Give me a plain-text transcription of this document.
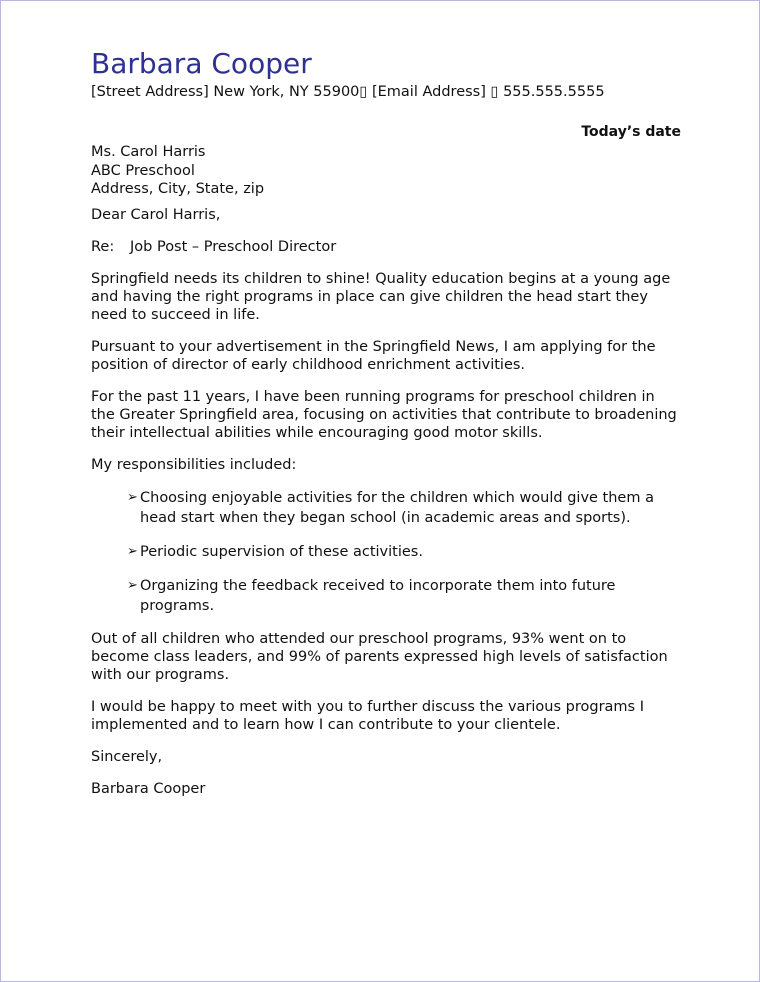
Barbara Cooper
[Street Address] New York, NY 55900▯ [Email Address] ▯ 555.555.5555
Today’s date
Ms. Carol Harris
ABC Preschool
Address, City, State, zip
Dear Carol Harris,
Re: Job Post – Preschool Director

Springfield needs its children to shine! Quality education begins at a young age and having the right programs in place can give children the head start they need to succeed in life.

Pursuant to your advertisement in the Springfield News, I am applying for the position of director of early childhood enrichment activities.

For the past 11 years, I have been running programs for preschool children in the Greater Springfield area, focusing on activities that contribute to broadening their intellectual abilities while encouraging good motor skills.

My responsibilities included:

➢ Choosing enjoyable activities for the children which would give them a head start when they began school (in academic areas and sports).
➢ Periodic supervision of these activities.
➢ Organizing the feedback received to incorporate them into future programs.

Out of all children who attended our preschool programs, 93% went on to become class leaders, and 99% of parents expressed high levels of satisfaction with our programs.

I would be happy to meet with you to further discuss the various programs I implemented and to learn how I can contribute to your clientele.

Sincerely,

Barbara Cooper
